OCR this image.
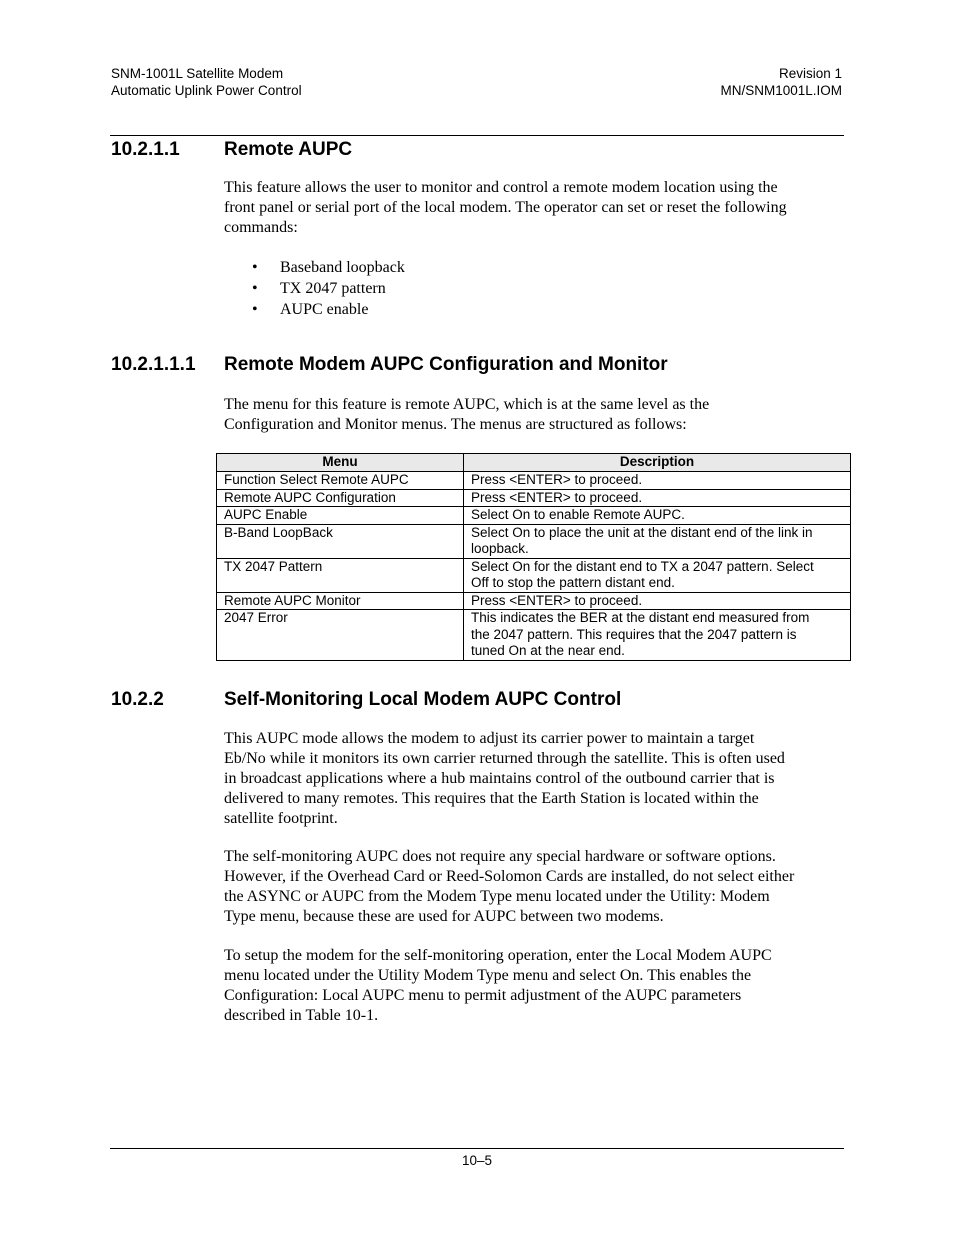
SNM-1001L Satellite Modem
Automatic Uplink Power Control
Revision 1
MN/SNM1001L.IOM
10.2.1.1 Remote AUPC
This feature allows the user to monitor and control a remote modem location using the
front panel or serial port of the local modem. The operator can set or reset the following
commands:
• Baseband loopback
• TX 2047 pattern
• AUPC enable
10.2.1.1.1 Remote Modem AUPC Configuration and Monitor
The menu for this feature is remote AUPC, which is at the same level as the
Configuration and Monitor menus. The menus are structured as follows:
Menu	Description
Function Select Remote AUPC	Press <ENTER> to proceed.

Remote AUPC Configuration	Press <ENTER> to proceed.

AUPC Enable	Select On to enable Remote AUPC.

B-Band LoopBack	Select On to place the unit at the distant end of the link in
loopback.

TX 2047 Pattern	Select On for the distant end to TX a 2047 pattern. Select
Off to stop the pattern distant end.

Remote AUPC Monitor	Press <ENTER> to proceed.

2047 Error	This indicates the BER at the distant end measured from
the 2047 pattern. This requires that the 2047 pattern is
tuned On at the near end.
10.2.2	Self-Monitoring Local Modem AUPC Control
This AUPC mode allows the modem to adjust its carrier power to maintain a target
Eb/No while it monitors its own carrier returned through the satellite. This is often used
in broadcast applications where a hub maintains control of the outbound carrier that is
delivered to many remotes. This requires that the Earth Station is located within the
satellite footprint.
The self-monitoring AUPC does not require any special hardware or software options.
However, if the Overhead Card or Reed-Solomon Cards are installed, do not select either
the ASYNC or AUPC from the Modem Type menu located under the Utility: Modem
Type menu, because these are used for AUPC between two modems.
To setup the modem for the self-monitoring operation, enter the Local Modem AUPC
menu located under the Utility Modem Type menu and select On. This enables the
Configuration: Local AUPC menu to permit adjustment of the AUPC parameters
described in Table 10-1.
10–5
